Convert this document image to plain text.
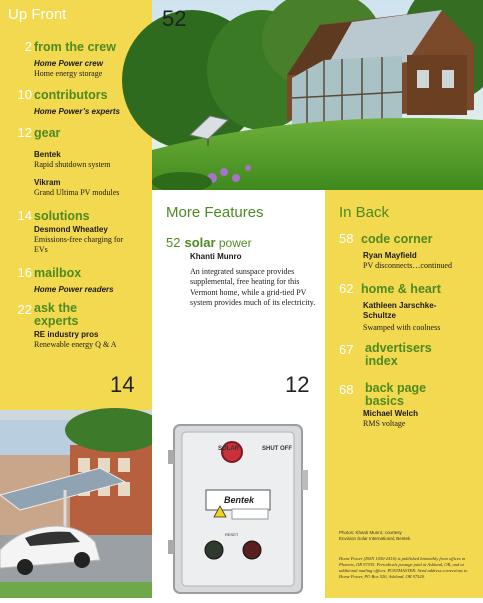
Up Front
2 from the crew
Home Power crew
Home energy storage
10 contributors
Home Power’s experts
12 gear
Bentek
Rapid shutdown system
Vikram
Grand Ultima PV modules
14 solutions
Desmond Wheatley
Emissions-free charging for EVs
16 mailbox
Home Power readers
22 ask the experts
RE industry pros
Renewable energy Q & A
52
More Features
52 solar power
Khanti Munro
An integrated sunspace provides supplemental, free heating for this Vermont home, while a grid-tied PV system provides much of its electricity.
In Back
58 code corner
Ryan Mayfield
PV disconnects…continued
62 home & heart
Kathleen Jarschke-Schultze
Swamped with coolness
67 advertisers index
68 back page basics
Michael Welch
RMS voltage
Photos: Khanti Munro; courtesy Envision Solar International; Bentek
Home Power (ISSN 1050-2416) is published bimonthly from offices in Phoenix, OR 97535. Periodicals postage paid at Ashland, OR, and at additional mailing offices. POSTMASTER: Send address corrections to Home Power, PO Box 520, Ashland, OR 97520.
14
SOLAR	SHUT OFF
Bentek
RESET
12
